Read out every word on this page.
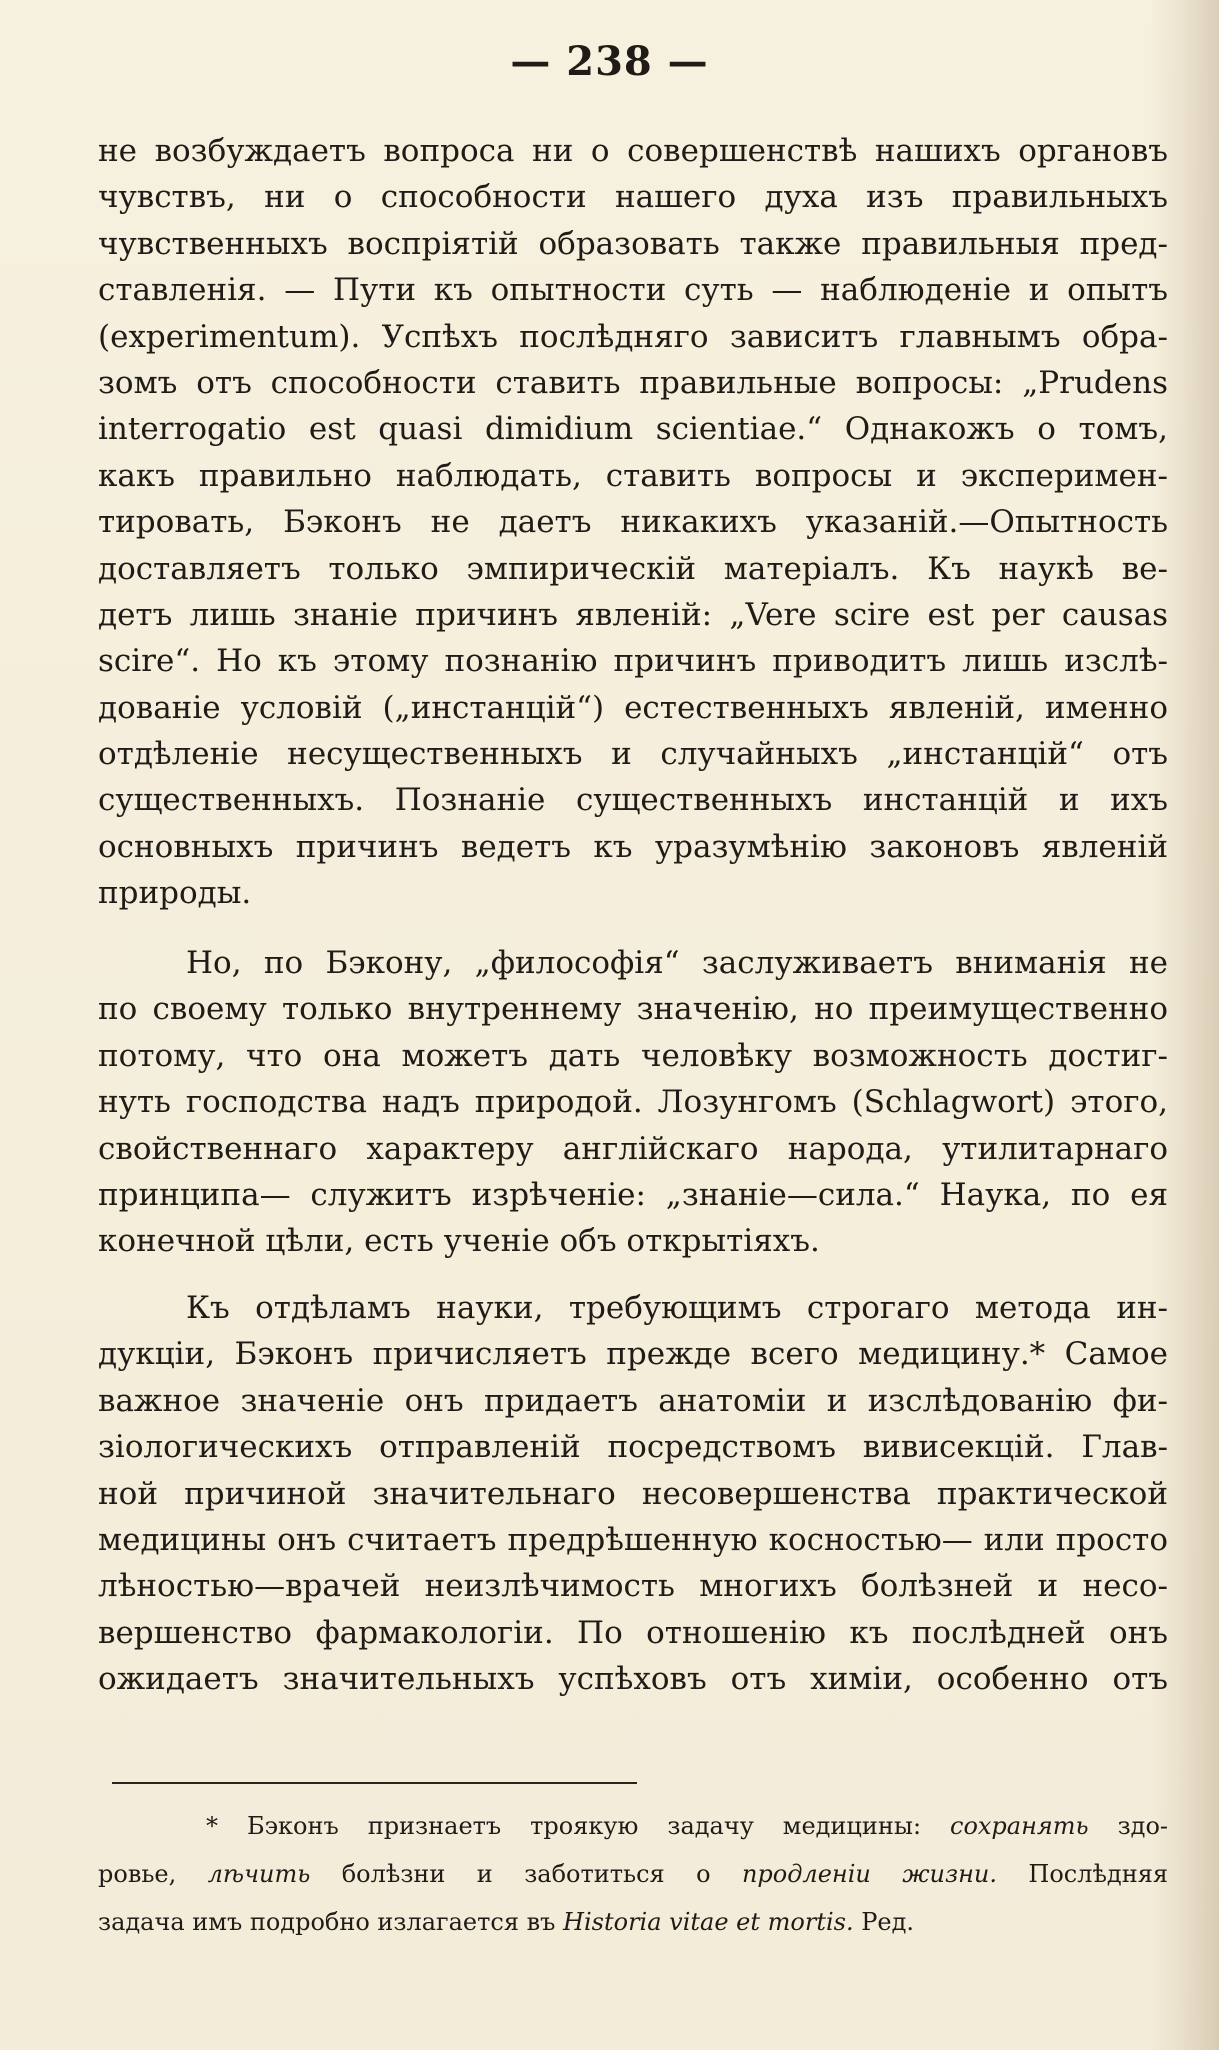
— 238 —
не возбуждаетъ вопроса ни о совершенствѣ нашихъ органовъ
чувствъ, ни о способности нашего духа изъ правильныхъ
чувственныхъ воспріятій образовать также правильныя пред-
ставленія. — Пути къ опытности суть — наблюденіе и опытъ
(experimentum). Успѣхъ послѣдняго зависитъ главнымъ обра-
зомъ отъ способности ставить правильные вопросы: „Prudens
interrogatio est quasi dimidium scientiae.“ Однакожъ о томъ,
какъ правильно наблюдать, ставить вопросы и эксперимен-
тировать, Бэконъ не даетъ никакихъ указаній.—Опытность
доставляетъ только эмпирическій матеріалъ. Къ наукѣ ве-
детъ лишь знаніе причинъ явленій: „Vere scire est per causas
scire“. Но къ этому познанію причинъ приводитъ лишь изслѣ-
дованіе условій („инстанцій“) естественныхъ явленій, именно
отдѣленіе несущественныхъ и случайныхъ „инстанцій“ отъ
существенныхъ. Познаніе существенныхъ инстанцій и ихъ
основныхъ причинъ ведетъ къ уразумѣнію законовъ явленій
природы.
Но, по Бэкону, „философія“ заслуживаетъ вниманія не
по своему только внутреннему значенію, но преимущественно
потому, что она можетъ дать человѣку возможность достиг-
нуть господства надъ природой. Лозунгомъ (Schlagwort) этого,
свойственнаго характеру англійскаго народа, утилитарнаго
принципа— служитъ изрѣченіе: „знаніе—сила.“ Наука, по ея
конечной цѣли, есть ученіе объ открытіяхъ.
Къ отдѣламъ науки, требующимъ строгаго метода ин-
дукціи, Бэконъ причисляетъ прежде всего медицину.* Самое
важное значеніе онъ придаетъ анатоміи и изслѣдованію фи-
зіологическихъ отправленій посредствомъ вивисекцій. Глав-
ной причиной значительнаго несовершенства практической
медицины онъ считаетъ предрѣшенную косностью— или просто
лѣностью—врачей неизлѣчимость многихъ болѣзней и несо-
вершенство фармакологіи. По отношенію къ послѣдней онъ
ожидаетъ значительныхъ успѣховъ отъ химіи, особенно отъ
* Бэконъ признаетъ троякую задачу медицины: сохранять здо-
ровье, лѣчить болѣзни и заботиться о продленіи жизни. Послѣдняя
задача имъ подробно излагается въ Historia vitae et mortis. Ред.
